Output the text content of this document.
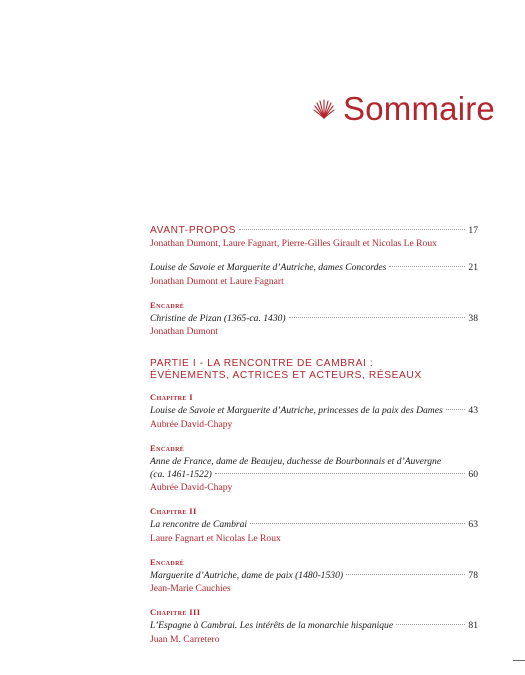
Sommaire
AVANT-PROPOS	17
Jonathan Dumont, Laure Fagnart, Pierre-Gilles Girault et Nicolas Le Roux
Louise de Savoie et Marguerite d’Autriche, dames Concordes	21
Jonathan Dumont et Laure Fagnart
Encadré
Christine de Pizan (1365-ca. 1430)	38
Jonathan Dumont
PARTIE I - LA RENCONTRE DE CAMBRAI :
ÉVÉNEMENTS, ACTRICES ET ACTEURS, RÉSEAUX
Chapitre I
Louise de Savoie et Marguerite d’Autriche, princesses de la paix des Dames	43
Aubrée David-Chapy
Encadré
Anne de France, dame de Beaujeu, duchesse de Bourbonnais et d’Auvergne
(ca. 1461-1522)	60
Aubrée David-Chapy
Chapitre II
La rencontre de Cambrai	63
Laure Fagnart et Nicolas Le Roux
Encadré
Marguerite d’Autriche, dame de paix (1480-1530)	78
Jean-Marie Cauchies
Chapitre III
L’Espagne à Cambrai. Les intérêts de la monarchie hispanique	81
Juan M. Carretero
